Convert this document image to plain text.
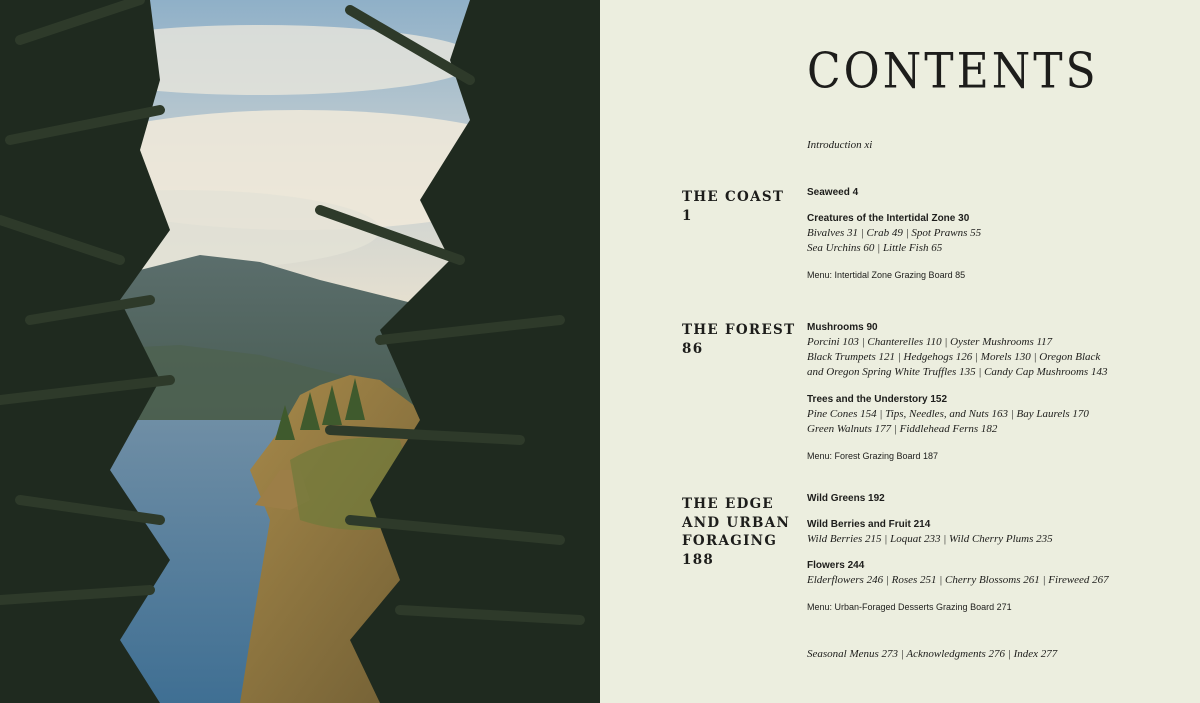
CONTENTS
Introduction xi
THE COAST
1
Seaweed 4
Creatures of the Intertidal Zone 30
Bivalves 31 | Crab 49 | Spot Prawns 55
Sea Urchins 60 | Little Fish 65
Menu: Intertidal Zone Grazing Board 85
THE FOREST
86
Mushrooms 90
Porcini 103 | Chanterelles 110 | Oyster Mushrooms 117
Black Trumpets 121 | Hedgehogs 126 | Morels 130 | Oregon Black
and Oregon Spring White Truffles 135 | Candy Cap Mushrooms 143
Trees and the Understory 152
Pine Cones 154 | Tips, Needles, and Nuts 163 | Bay Laurels 170
Green Walnuts 177 | Fiddlehead Ferns 182
Menu: Forest Grazing Board 187
THE EDGE
AND URBAN
FORAGING
188
Wild Greens 192
Wild Berries and Fruit 214
Wild Berries 215 | Loquat 233 | Wild Cherry Plums 235
Flowers 244
Elderflowers 246 | Roses 251 | Cherry Blossoms 261 | Fireweed 267
Menu: Urban-Foraged Desserts Grazing Board 271
Seasonal Menus 273 | Acknowledgments 276 | Index 277
